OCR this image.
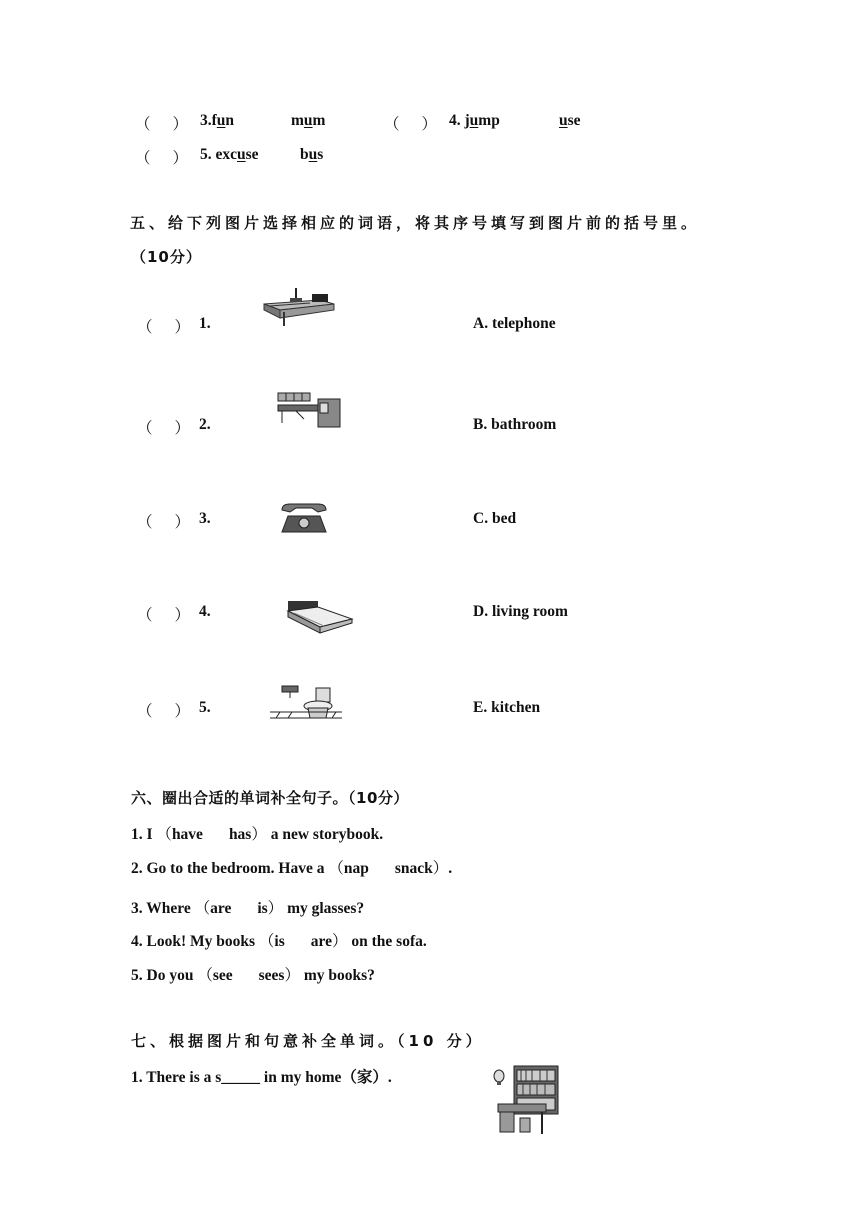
（ ） 3.fun	mum	（ ） 4. jump	use
（ ） 5. excuse	bus
五、给下列图片选择相应的词语，将其序号填写到图片前的括号里。
（10分）
（ ） 1.	A. telephone
（ ） 2.	B. bathroom
（ ） 3.	C. bed
（ ） 4.	D. living room
（ ） 5.	E. kitchen
六、圈出合适的单词补全句子。（10分）
1. I （have has） a new storybook.
2. Go to the bedroom. Have a （nap snack）.
3. Where （are is） my glasses?
4. Look! My books （is are） on the sofa.
5. Do you （see sees） my books?
七、根据图片和句意补全单词。（10 分）
1. There is a s_____ in my home（家）.
